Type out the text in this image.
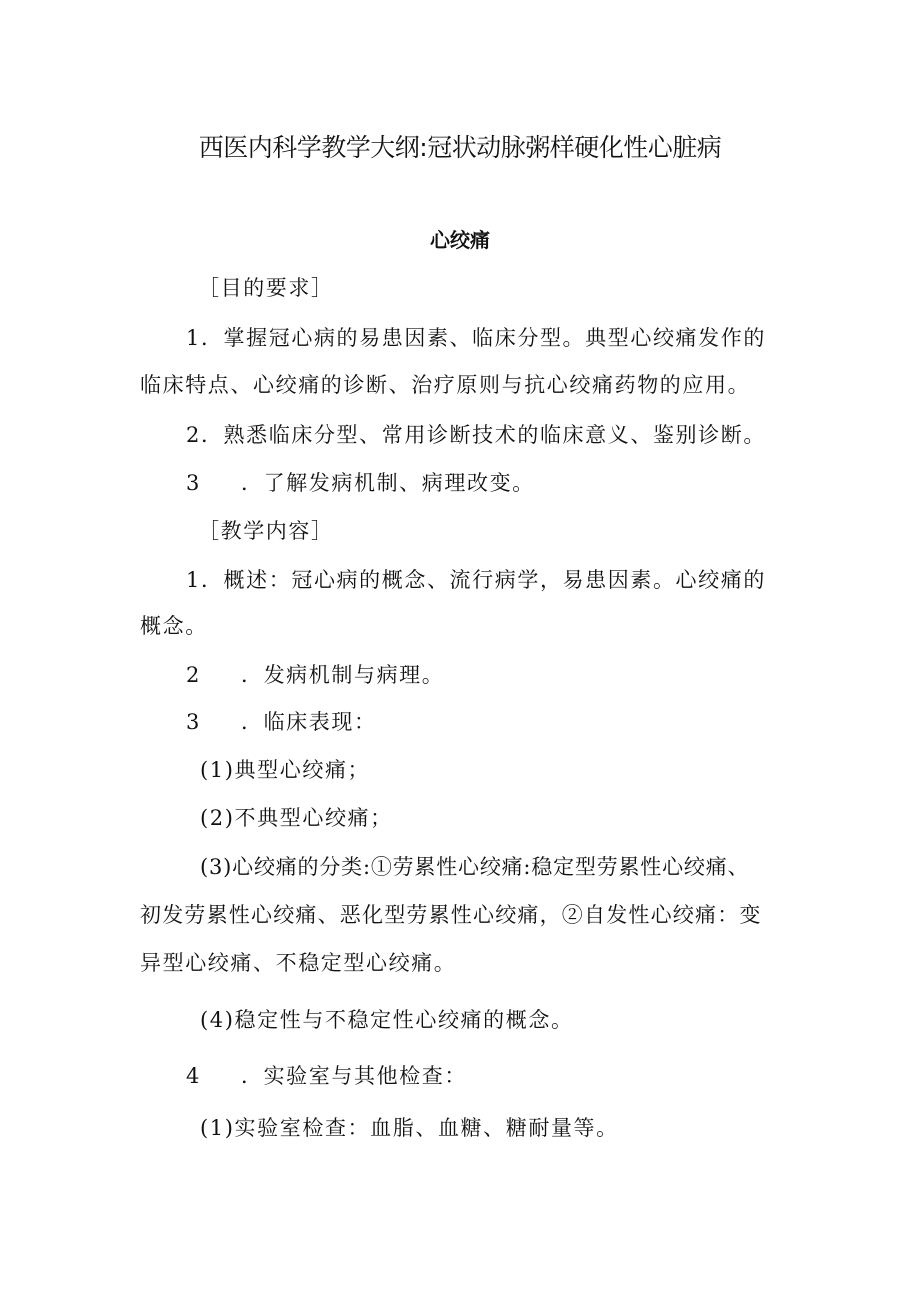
西医内科学教学大纲:冠状动脉粥样硬化性心脏病
心绞痛
［目的要求］
1．掌握冠心病的易患因素、临床分型。典型心绞痛发作的
临床特点、心绞痛的诊断、治疗原则与抗心绞痛药物的应用。
2．熟悉临床分型、常用诊断技术的临床意义、鉴别诊断。
3 ．了解发病机制、病理改变。
［教学内容］
1．概述：冠心病的概念、流行病学，易患因素。心绞痛的
概念。
2 ．发病机制与病理。
3 ．临床表现：
(1)典型心绞痛；
(2)不典型心绞痛；
(3)心绞痛的分类:①劳累性心绞痛:稳定型劳累性心绞痛、
初发劳累性心绞痛、恶化型劳累性心绞痛，②自发性心绞痛：变
异型心绞痛、不稳定型心绞痛。
(4)稳定性与不稳定性心绞痛的概念。
4 ．实验室与其他检查：
(1)实验室检查：血脂、血糖、糖耐量等。
